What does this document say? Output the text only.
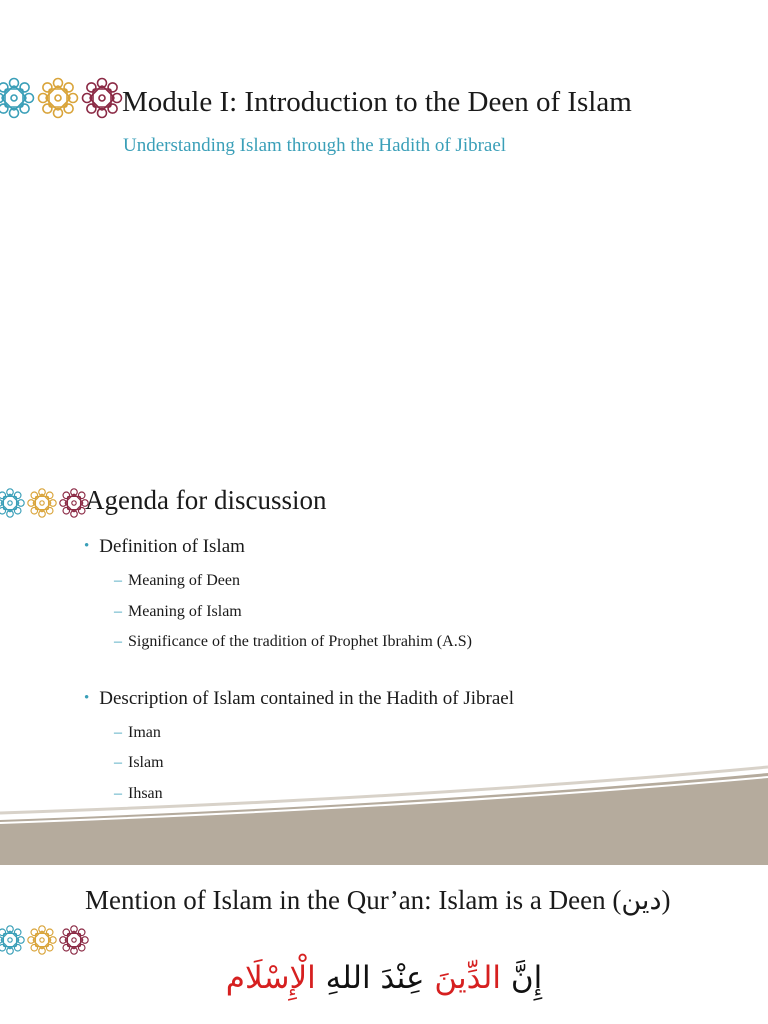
Module I: Introduction to the Deen of Islam
Understanding Islam through the Hadith of Jibrael
Agenda for discussion
• Definition of Islam
– Meaning of Deen
– Meaning of Islam
– Significance of the tradition of Prophet Ibrahim (A.S)
• Description of Islam contained in the Hadith of Jibrael
– Iman
– Islam
– Ihsan
Mention of Islam in the Qur’an: Islam is a Deen (دين)
إِنَّ الدِّينَ عِنْدَ اللهِ الْإِسْلَام
